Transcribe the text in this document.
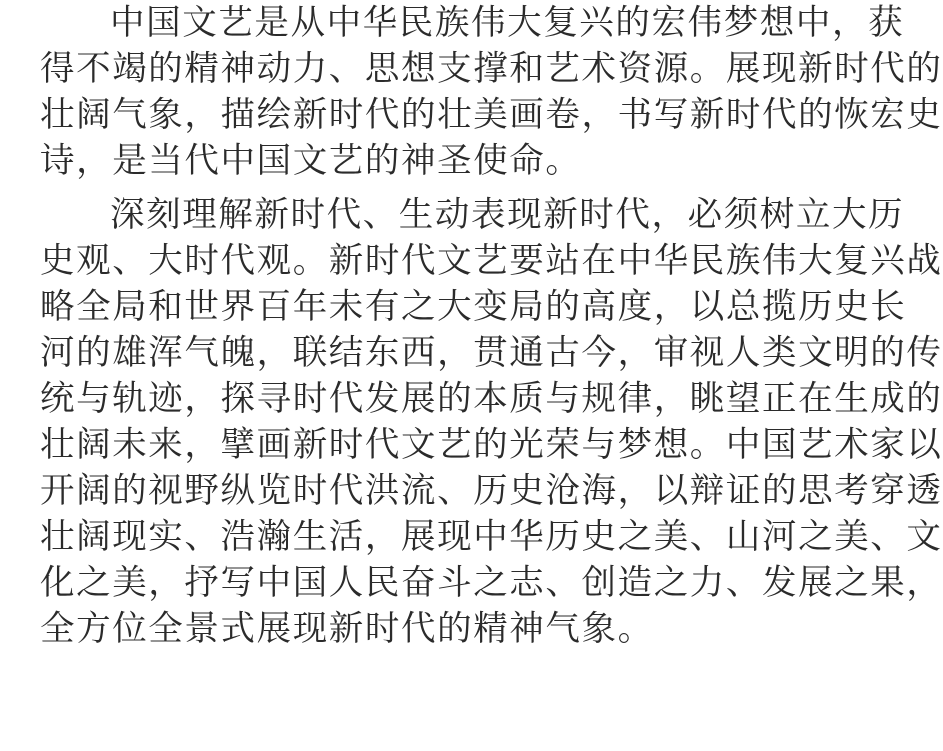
中国文艺是从中华民族伟大复兴的宏伟梦想中，获
得不竭的精神动力、思想支撑和艺术资源。展现新时代的
壮阔气象，描绘新时代的壮美画卷，书写新时代的恢宏史
诗，是当代中国文艺的神圣使命。
深刻理解新时代、生动表现新时代，必须树立大历
史观、大时代观。新时代文艺要站在中华民族伟大复兴战
略全局和世界百年未有之大变局的高度，以总揽历史长
河的雄浑气魄，联结东西，贯通古今，审视人类文明的传
统与轨迹，探寻时代发展的本质与规律，眺望正在生成的
壮阔未来，擘画新时代文艺的光荣与梦想。中国艺术家以
开阔的视野纵览时代洪流、历史沧海，以辩证的思考穿透
壮阔现实、浩瀚生活，展现中华历史之美、山河之美、文
化之美，抒写中国人民奋斗之志、创造之力、发展之果，
全方位全景式展现新时代的精神气象。
